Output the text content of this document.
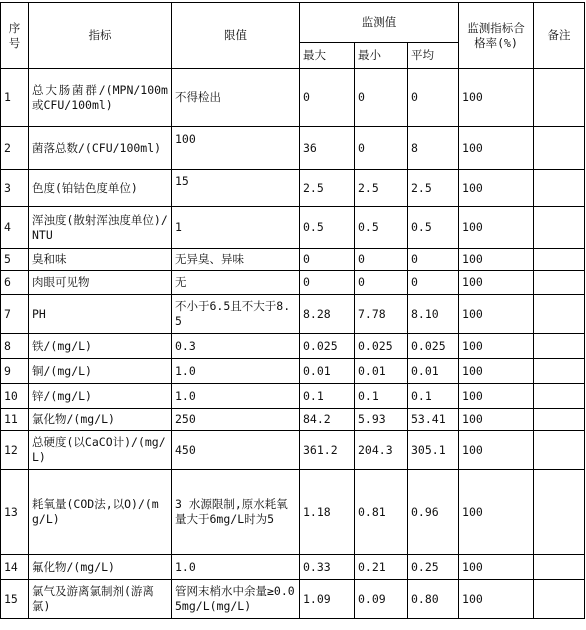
序号	指标	限值	监测值			监测指标合格率(%)	备注
			最大	最小	平均		
1	总大肠菌群/(MPN/100m或CFU/100ml)	不得检出	0	0	0	100	
2	菌落总数/(CFU/100ml)	100	36	0	8	100	
3	色度(铂钴色度单位)	15	2.5	2.5	2.5	100	
4	浑浊度(散射浑浊度单位)/NTU	1	0.5	0.5	0.5	100	
5	臭和味	无异臭、异味	0	0	0	100	
6	肉眼可见物	无	0	0	0	100	
7	PH	不小于6.5且不大于8.5	8.28	7.78	8.10	100	
8	铁/(mg/L)	0.3	0.025	0.025	0.025	100	
9	铜/(mg/L)	1.0	0.01	0.01	0.01	100	
10	锌/(mg/L)	1.0	0.1	0.1	0.1	100	
11	氯化物/(mg/L)	250	84.2	5.93	53.41	100	
12	总硬度(以CaCO计)/(mg/L)	450	361.2	204.3	305.1	100	
13	耗氧量(COD法,以O)/(mg/L)	3 水源限制,原水耗氧量大于6mg/L时为5	1.18	0.81	0.96	100	
14	氟化物/(mg/L)	1.0	0.33	0.21	0.25	100	
15	氯气及游离氯制剂(游离氯)	管网末梢水中余量≥0.05mg/L(mg/L)	1.09	0.09	0.80	100	
